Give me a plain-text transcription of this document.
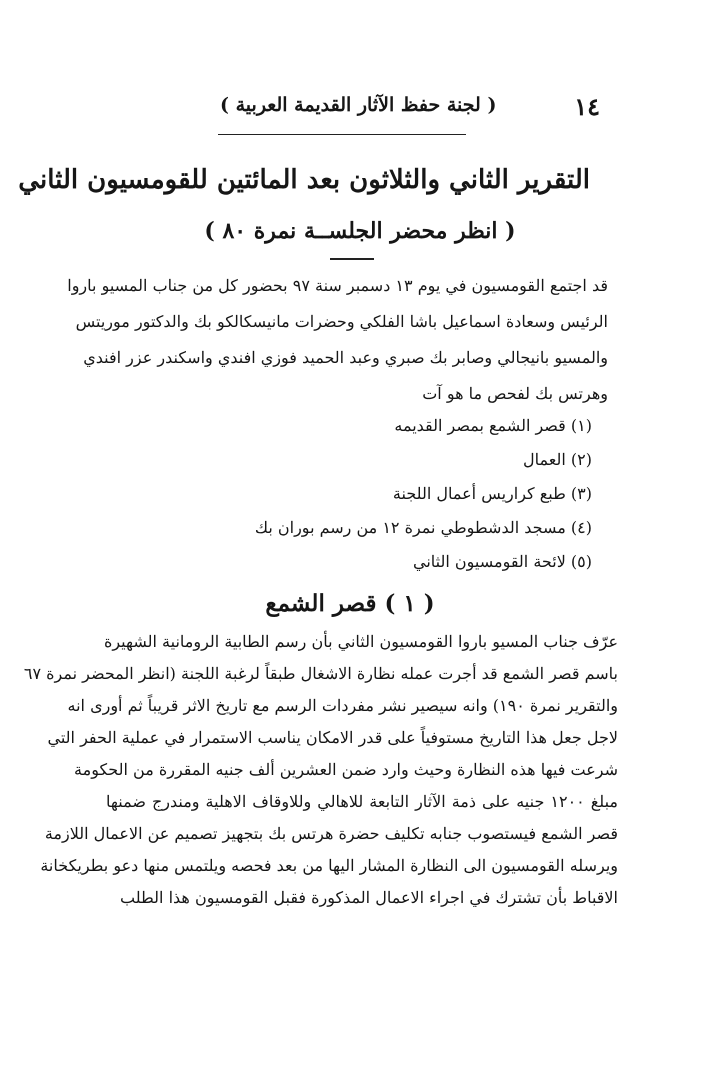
١٤
( لجنة حفظ الآثار القديمة العربية )
التقرير الثاني والثلاثون بعد المائتين للقومسيون الثاني
( انظر محضر الجلســة نمرة ٨٠ )
قد اجتمع القومسيون في يوم ١٣ دسمبر سنة ٩٧ بحضور كل من جناب المسيو باروا
الرئيس وسعادة اسماعيل باشا الفلكي وحضرات مانيسكالكو بك والدكتور موريتس
والمسيو بانيجالي وصابر بك صبري وعبد الحميد فوزي افندي واسكندر عزر افندي
وهرتس بك لفحص ما هو آت
(١) قصر الشمع بمصر القديمه
(٢) العمال
(٣) طبع كراريس أعمال اللجنة
(٤) مسجد الدشطوطي نمرة ١٢ من رسم بوران بك
(٥) لائحة القومسيون الثاني
( ١ ) قصر الشمع
عرّف جناب المسيو باروا القومسيون الثاني بأن رسم الطابية الرومانية الشهيرة
باسم قصر الشمع قد أجرت عمله نظارة الاشغال طبقاً لرغبة اللجنة (انظر المحضر نمرة ٦٧
والتقرير نمرة ١٩٠) وانه سيصير نشر مفردات الرسم مع تاريخ الاثر قريباً ثم أورى انه
لاجل جعل هذا التاريخ مستوفياً على قدر الامكان يناسب الاستمرار في عملية الحفر التي
شرعت فيها هذه النظارة وحيث وارد ضمن العشرين ألف جنيه المقررة من الحكومة
مبلغ ١٢٠٠ جنيه على ذمة الآثار التابعة للاهالي وللاوقاف الاهلية ومندرج ضمنها
قصر الشمع فيستصوب جنابه تكليف حضرة هرتس بك بتجهيز تصميم عن الاعمال اللازمة
ويرسله القومسيون الى النظارة المشار اليها من بعد فحصه ويلتمس منها دعو بطريكخانة
الاقباط بأن تشترك في اجراء الاعمال المذكورة فقبل القومسيون هذا الطلب
